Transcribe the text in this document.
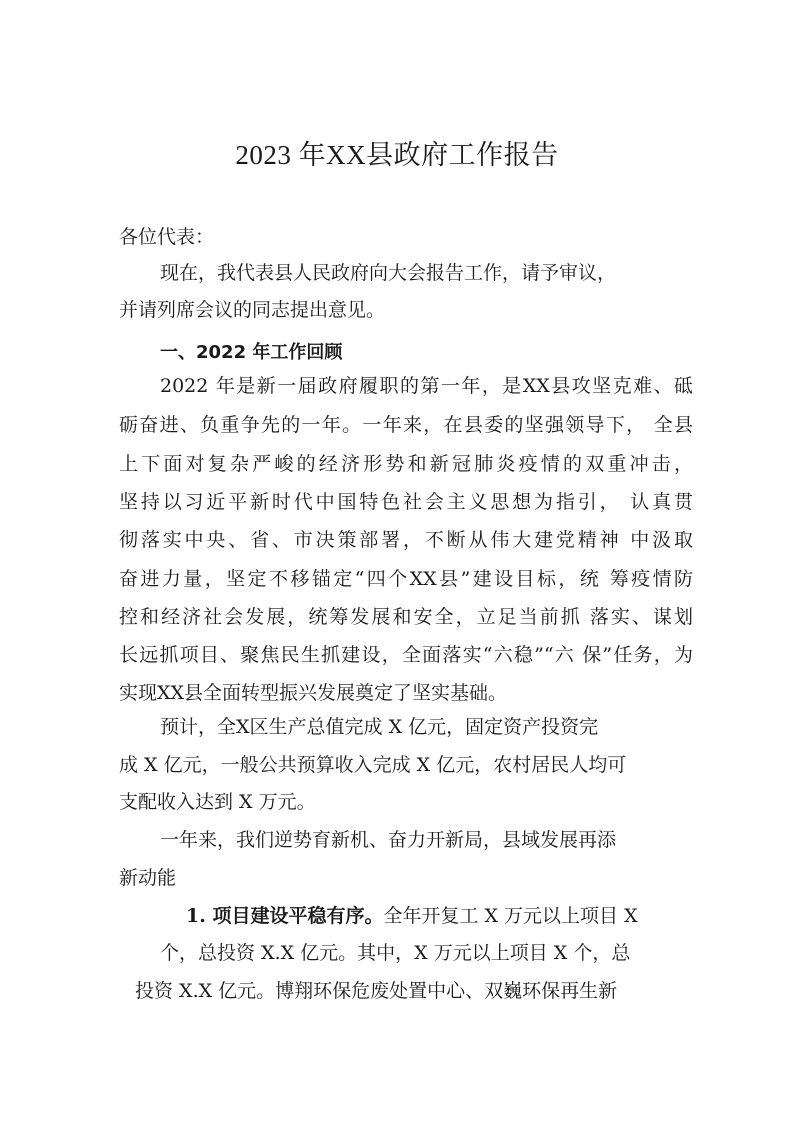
2023 年XX县政府工作报告
各位代表：
现在，我代表县人民政府向大会报告工作，请予审议，
并请列席会议的同志提出意见。
一、2022 年工作回顾
2022 年是新一届政府履职的第一年，是XX县攻坚克难、砥
砺奋进、负重争先的一年。一年来，在县委的坚强领导下， 全县
上下面对复杂严峻的经济形势和新冠肺炎疫情的双重冲击，
坚持以习近平新时代中国特色社会主义思想为指引， 认真贯
彻落实中央、省、市决策部署，不断从伟大建党精神 中汲取
奋进力量，坚定不移锚定“四个XX县”建设目标，统 筹疫情防
控和经济社会发展，统筹发展和安全，立足当前抓 落实、谋划
长远抓项目、聚焦民生抓建设，全面落实“六稳”“六 保”任务，为
实现XX县全面转型振兴发展奠定了坚实基础。
预计，全X区生产总值完成 X 亿元，固定资产投资完
成 X 亿元，一般公共预算收入完成 X 亿元，农村居民人均可
支配收入达到 X 万元。
一年来，我们逆势育新机、奋力开新局，县域发展再添
新动能
1. 项目建设平稳有序。全年开复工 X 万元以上项目 X
个，总投资 X.X 亿元。其中，X 万元以上项目 X 个，总
投资 X.X 亿元。博翔环保危废处置中心、双巍环保再生新
